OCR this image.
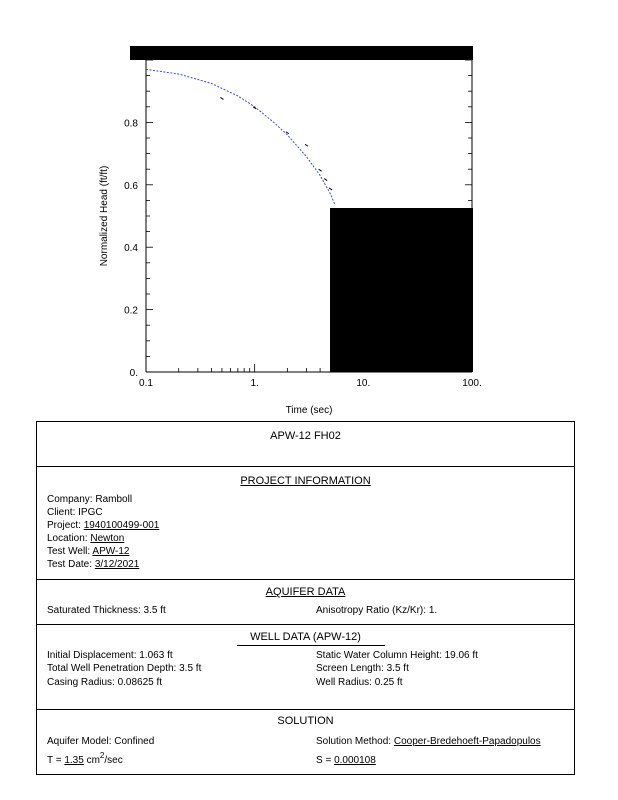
0.1	1.	10.	100.
0.
0.2
0.4
0.6
0.8
Time (sec)
Normalized Head (ft/ft)
APW-12 FH02
PROJECT INFORMATION
Company: Ramboll
Client: IPGC
Project: 1940100499-001
Location: Newton
Test Well: APW-12
Test Date: 3/12/2021
AQUIFER DATA
Saturated Thickness: 3.5 ft	Anisotropy Ratio (Kz/Kr): 1.
WELL DATA (APW-12)
Initial Displacement: 1.063 ft	Static Water Column Height: 19.06 ft
Total Well Penetration Depth: 3.5 ft	Screen Length: 3.5 ft
Casing Radius: 0.08625 ft	Well Radius: 0.25 ft
SOLUTION
Aquifer Model: Confined	Solution Method: Cooper-Bredehoeft-Papadopulos
T = 1.35 $cm^2/\sec$	S = 0.000108
